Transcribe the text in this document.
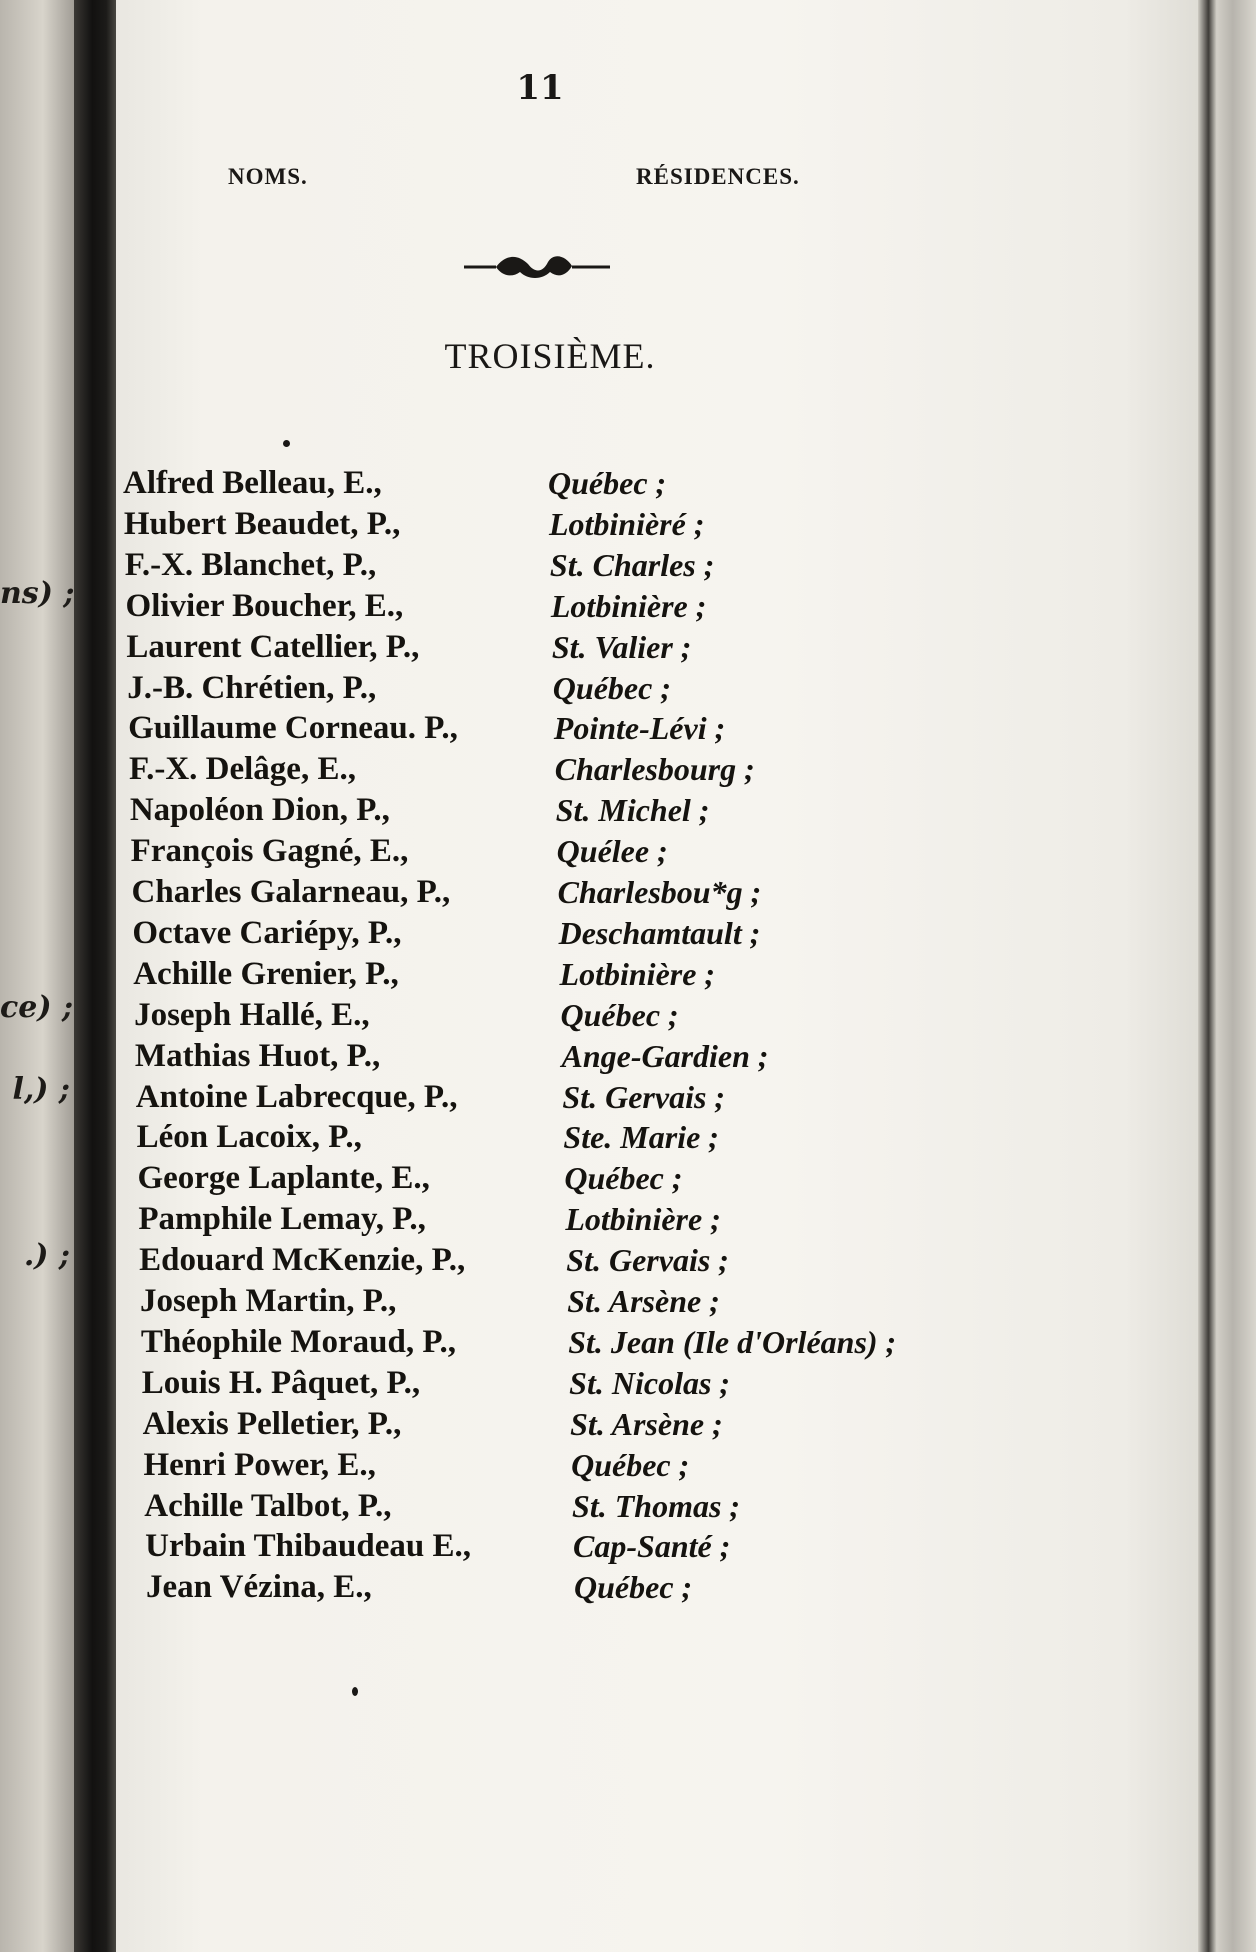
ns) ;
ce) ;
l,) ;
.) ;
11
NOMS.	RÉSIDENCES.
TROISIÈME.
Alfred Belleau, E.,	Québec ;
Hubert Beaudet, P.,	Lotbinièré ;
F.-X. Blanchet, P.,	St. Charles ;
Olivier Boucher, E.,	Lotbinière ;
Laurent Catellier, P.,	St. Valier ;
J.-B. Chrétien, P.,	Québec ;
Guillaume Corneau. P.,	Pointe-Lévi ;
F.-X. Delâge, E.,	Charlesbourg ;
Napoléon Dion, P.,	St. Michel ;
François Gagné, E.,	Quélee ;
Charles Galarneau, P.,	Charlesbou*g ;
Octave Cariépy, P.,	Deschamtault ;
Achille Grenier, P.,	Lotbinière ;
Joseph Hallé, E.,	Québec ;
Mathias Huot, P.,	Ange-Gardien ;
Antoine Labrecque, P.,	St. Gervais ;
Léon Lacoix, P.,	Ste. Marie ;
George Laplante, E.,	Québec ;
Pamphile Lemay, P.,	Lotbinière ;
Edouard McKenzie, P.,	St. Gervais ;
Joseph Martin, P.,	St. Arsène ;
Théophile Moraud, P.,	St. Jean (Ile d'Orléans) ;
Louis H. Pâquet, P.,	St. Nicolas ;
Alexis Pelletier, P.,	St. Arsène ;
Henri Power, E.,	Québec ;
Achille Talbot, P.,	St. Thomas ;
Urbain Thibaudeau E.,	Cap-Santé ;
Jean Vézina, E.,	Québec ;
